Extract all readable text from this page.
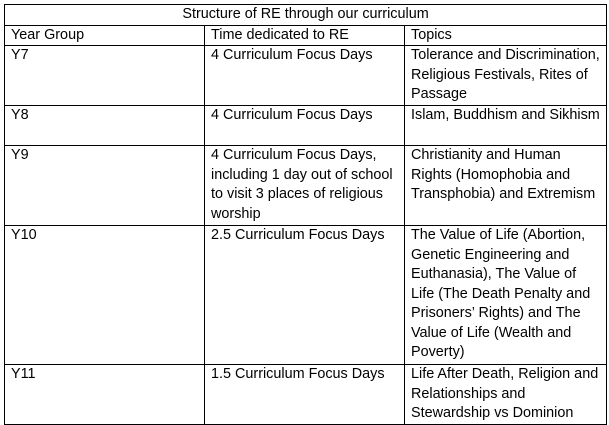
Structure of RE through our curriculum		
Year Group	Time dedicated to RE	Topics
Y7	4 Curriculum Focus Days	Tolerance and Discrimination, Religious Festivals, Rites of Passage
Y8	4 Curriculum Focus Days	Islam, Buddhism and Sikhism
Y9	4 Curriculum Focus Days, including 1 day out of school to visit 3 places of religious worship	Christianity and Human Rights (Homophobia and Transphobia) and Extremism
Y10	2.5 Curriculum Focus Days	The Value of Life (Abortion, Genetic Engineering and Euthanasia), The Value of Life (The Death Penalty and Prisoners’ Rights) and The Value of Life (Wealth and Poverty)
Y11	1.5 Curriculum Focus Days	Life After Death, Religion and Relationships and Stewardship vs Dominion
